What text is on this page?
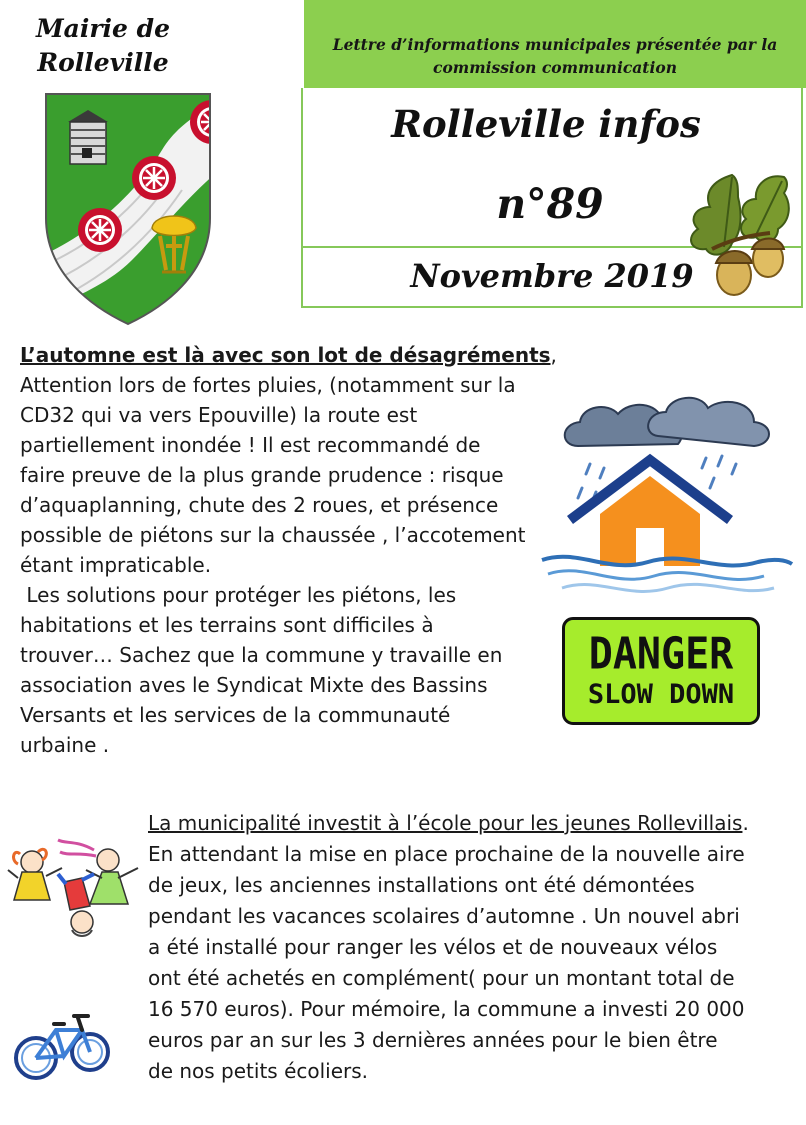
Mairie de
Rolleville
Lettre d’informations municipales présentée par la
commission communication
Rolleville infos
n°89
Novembre 2019
L’automne est là avec son lot de désagréments,
Attention lors de fortes pluies, (notamment sur la
CD32 qui va vers Epouville) la route est
partiellement inondée ! Il est recommandé de
faire preuve de la plus grande prudence : risque
d’aquaplanning, chute des 2 roues, et présence
possible de piétons sur la chaussée , l’accotement
étant impraticable.
Les solutions pour protéger les piétons, les
habitations et les terrains sont difficiles à
trouver… Sachez que la commune y travaille en
association aves le Syndicat Mixte des Bassins
Versants et les services de la communauté
urbaine .
DANGER
SLOW DOWN
La municipalité investit à l’école pour les jeunes Rollevillais.
En attendant la mise en place prochaine de la nouvelle aire
de jeux, les anciennes installations ont été démontées
pendant les vacances scolaires d’automne . Un nouvel abri
a été installé pour ranger les vélos et de nouveaux vélos
ont été achetés en complément( pour un montant total de
16 570 euros). Pour mémoire, la commune a investi 20 000
euros par an sur les 3 dernières années pour le bien être
de nos petits écoliers.
